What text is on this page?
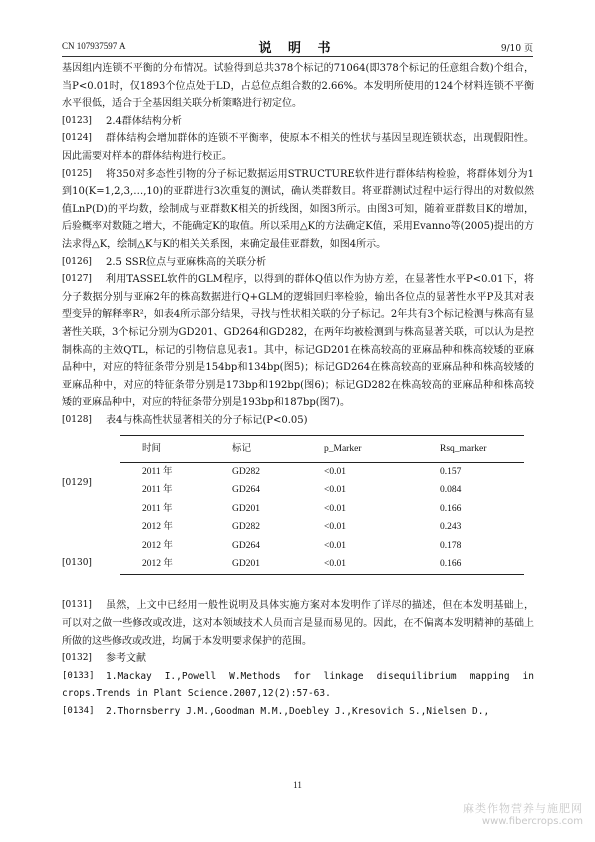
CN 107937597 A	说 明 书	9/10 页
基因组内连锁不平衡的分布情况。试验得到总共378个标记的71064(即378个标记的任意组合数)个组合，当P<0.01时，仅1893个位点处于LD，占总位点组合数的2.66%。本发明所使用的124个材料连锁不平衡水平很低，适合于全基因组关联分析策略进行初定位。
[0123]	2.4群体结构分析
[0124]	群体结构会增加群体的连锁不平衡率，使原本不相关的性状与基因呈现连锁状态，出现假阳性。因此需要对样本的群体结构进行校正。
[0125]	将350对多态性引物的分子标记数据运用STRUCTURE软件进行群体结构检验，将群体划分为1到10(K=1,2,3,…,10)的亚群进行3次重复的测试，确认类群数目。将亚群测试过程中运行得出的对数似然值LnP(D)的平均数，绘制成与亚群数K相关的折线图，如图3所示。由图3可知，随着亚群数目K的增加，后验概率对数随之增大，不能确定K的取值。所以采用△K的方法确定K值，采用Evanno等(2005)提出的方法求得△K，绘制△K与K的相关关系图，来确定最佳亚群数，如图4所示。
[0126]	2.5 SSR位点与亚麻株高的关联分析
[0127]	利用TASSEL软件的GLM程序，以得到的群体Q值以作为协方差，在显著性水平P<0.01下，将分子数据分别与亚麻2年的株高数据进行Q+GLM的逻辑回归率检验，输出各位点的显著性水平P及其对表型变异的解释率R²，如表4所示部分结果，寻找与性状相关联的分子标记。2年共有3个标记检测与株高有显著性关联，3个标记分别为GD201、GD264和GD282，在两年均被检测到与株高显著关联，可以认为是控制株高的主效QTL，标记的引物信息见表1。其中，标记GD201在株高较高的亚麻品种和株高较矮的亚麻品种中，对应的特征条带分别是154bp和134bp(图5)；标记GD264在株高较高的亚麻品种和株高较矮的亚麻品种中，对应的特征条带分别是173bp和192bp(图6)；标记GD282在株高较高的亚麻品种和株高较矮的亚麻品种中，对应的特征条带分别是193bp和187bp(图7)。
[0128]	表4与株高性状显著相关的分子标记(P<0.05)
[0129]
[0130]
时间	标记	p_Marker	Rsq_marker
2011 年	GD282	<0.01	0.157
2011 年	GD264	<0.01	0.084
2011 年	GD201	<0.01	0.166
2012 年	GD282	<0.01	0.243
2012 年	GD264	<0.01	0.178
2012 年	GD201	<0.01	0.166
[0131]	虽然，上文中已经用一般性说明及具体实施方案对本发明作了详尽的描述，但在本发明基础上，可以对之做一些修改或改进，这对本领域技术人员而言是显而易见的。因此，在不偏离本发明精神的基础上所做的这些修改或改进，均属于本发明要求保护的范围。
[0132]	参考文献
[0133]	1.Mackay I.,Powell W.Methods for linkage disequilibrium mapping in crops.Trends in Plant Science.2007,12(2):57-63.
[0134]	2.Thornsberry J.M.,Goodman M.M.,Doebley J.,Kresovich S.,Nielsen D.,
11
麻类作物营养与施肥网
www.fibercrops.com
